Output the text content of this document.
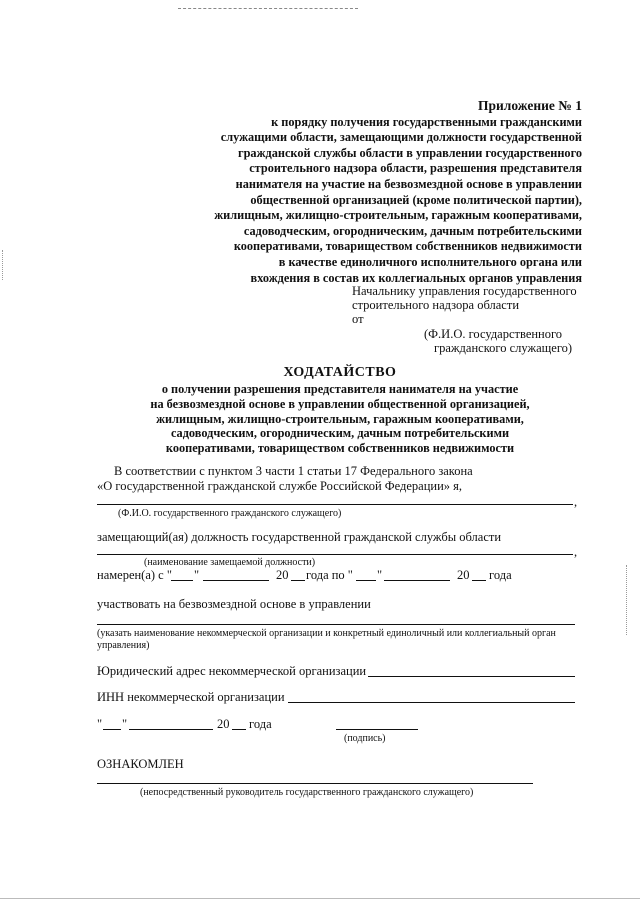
Приложение № 1
к порядку получения государственными гражданскими
служащими области, замещающими должности государственной
гражданской службы области в управлении государственного
строительного надзора области, разрешения представителя
нанимателя на участие на безвозмездной основе в управлении
общественной организацией (кроме политической партии),
жилищным, жилищно-строительным, гаражным кооперативами,
садоводческим, огородническим, дачным потребительскими
кооперативами, товариществом собственников недвижимости
в качестве единоличного исполнительного органа или
вхождения в состав их коллегиальных органов управления
Начальнику управления государственного
строительного надзора области
от
(Ф.И.О. государственного
гражданского служащего)
ХОДАТАЙСТВО
о получении разрешения представителя нанимателя на участие
на безвозмездной основе в управлении общественной организацией,
жилищным, жилищно-строительным, гаражным кооперативами,
садоводческим, огородническим, дачным потребительскими
кооперативами, товариществом собственников недвижимости
В соответствии с пунктом 3 части 1 статьи 17 Федерального закона
«О государственной гражданской службе Российской Федерации» я,
,
(Ф.И.О. государственного гражданского служащего)
замещающий(ая) должность государственной гражданской службы области
,
(наименование замещаемой должности)
намерен(а) с " "	20 года по " "	20 года
участвовать на безвозмездной основе в управлении
(указать наименование некоммерческой организации и конкретный единоличный или коллегиальный орган
управления)
Юридический адрес некоммерческой организации
ИНН некоммерческой организации
" "	20 года
(подпись)
ОЗНАКОМЛЕН
(непосредственный руководитель государственного гражданского служащего)
